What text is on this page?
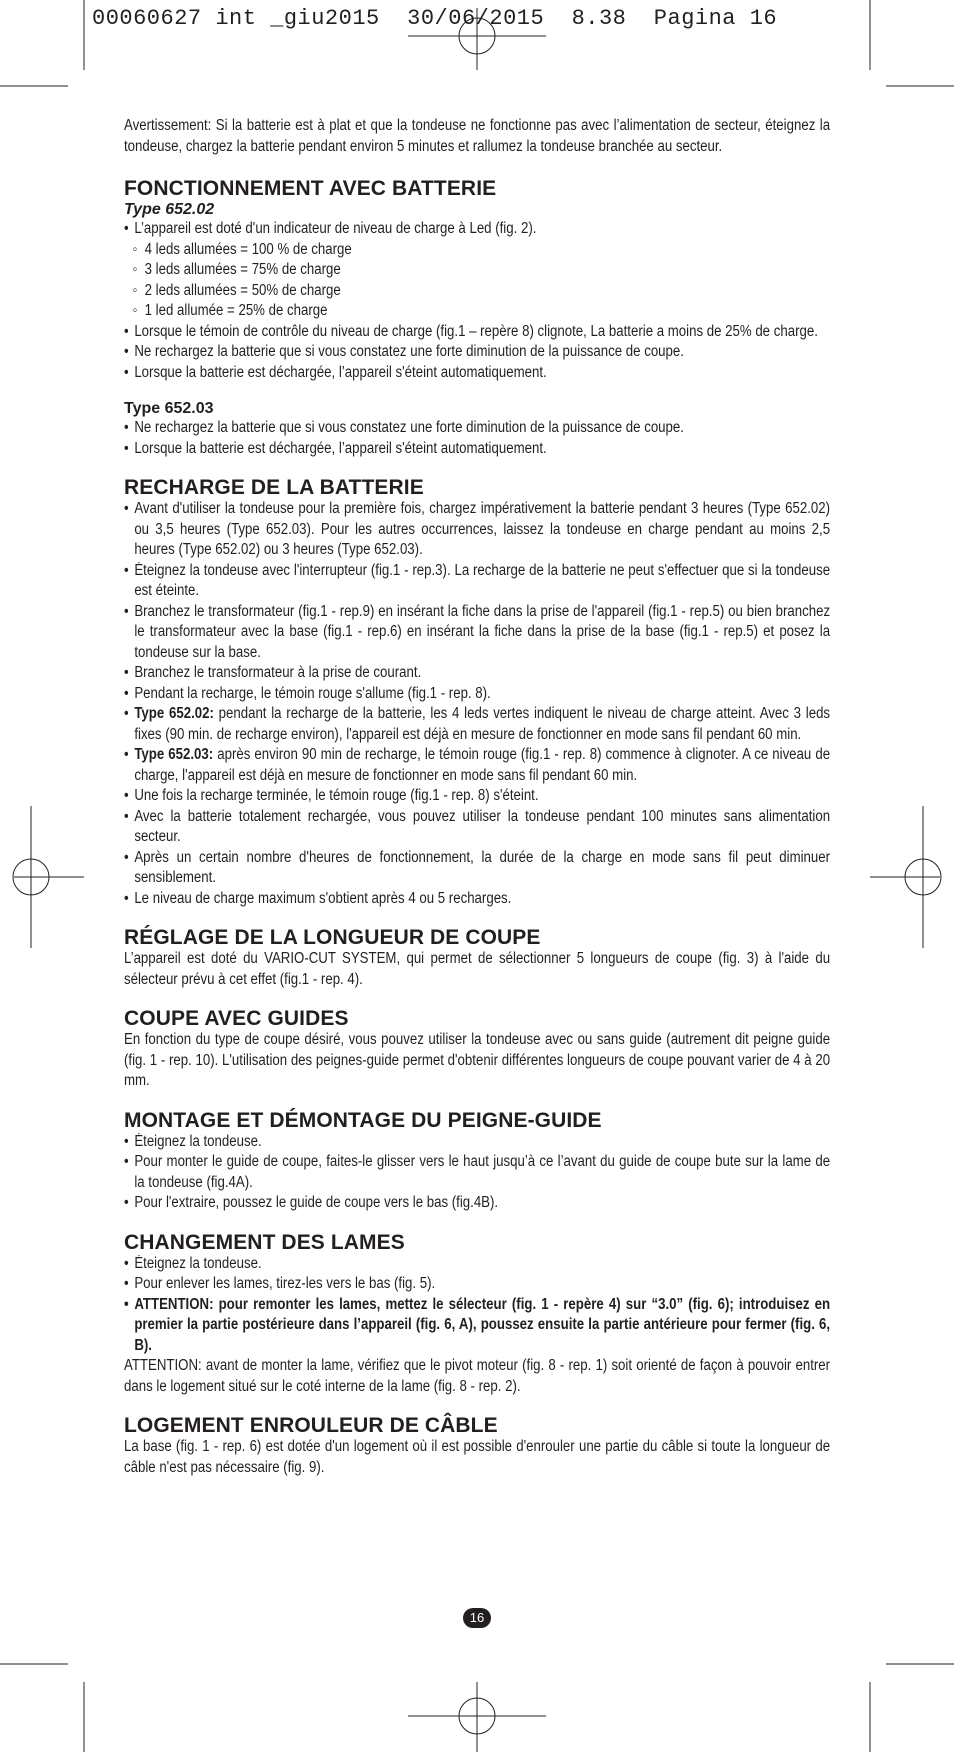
00060627 int _giu2015  30/06/2015  8.38  Pagina 16

Avertissement: Si la batterie est à plat et que la tondeuse ne fonctionne pas avec l’alimentation de secteur, éteignez la tondeuse, chargez la batterie pendant environ 5 minutes et rallumez la tondeuse branchée au secteur.

FONCTIONNEMENT AVEC BATTERIE

Type 652.02

• L’appareil est doté d'un indicateur de niveau de charge à Led (fig. 2).
◦ 4 leds allumées = 100 % de charge
◦ 3 leds allumées = 75% de charge
◦ 2 leds allumées = 50% de charge
◦ 1 led allumée = 25% de charge
• Lorsque le témoin de contrôle du niveau de charge (fig.1 – repère 8) clignote, La batterie a moins de 25% de charge.
• Ne rechargez la batterie que si vous constatez une forte diminution de la puissance de coupe.
• Lorsque la batterie est déchargée, l’appareil s'éteint automatiquement.

Type 652.03

• Ne rechargez la batterie que si vous constatez une forte diminution de la puissance de coupe.
• Lorsque la batterie est déchargée, l’appareil s'éteint automatiquement.
RECHARGE DE LA BATTERIE
• Avant d'utiliser la tondeuse pour la première fois, chargez impérativement la batterie pendant 3 heures (Type 652.02) ou 3,5 heures (Type 652.03). Pour les autres occurrences, laissez la tondeuse en charge pendant au moins 2,5 heures (Type 652.02) ou 3 heures (Type 652.03).
• Éteignez la tondeuse avec l'interrupteur (fig.1 - rep.3). La recharge de la batterie ne peut s'effectuer que si la tondeuse est éteinte.
• Branchez le transformateur (fig.1 - rep.9) en insérant la fiche dans la prise de l'appareil (fig.1 - rep.5) ou bien branchez le transformateur avec la base (fig.1 - rep.6) en insérant la fiche dans la prise de la base (fig.1 - rep.5) et posez la tondeuse sur la base.
• Branchez le transformateur à la prise de courant.
• Pendant la recharge, le témoin rouge s'allume (fig.1 - rep. 8).
• Type 652.02: pendant la recharge de la batterie, les 4 leds vertes indiquent le niveau de charge atteint. Avec 3 leds fixes (90 min. de recharge environ), l'appareil est déjà en mesure de fonctionner en mode sans fil pendant 60 min.
• Type 652.03: après environ 90 min de recharge, le témoin rouge (fig.1 - rep. 8) commence à clignoter. A ce niveau de charge, l'appareil est déjà en mesure de fonctionner en mode sans fil pendant 60 min.
• Une fois la recharge terminée, le témoin rouge (fig.1 - rep. 8) s'éteint.
• Avec la batterie totalement rechargée, vous pouvez utiliser la tondeuse pendant 100 minutes sans alimentation secteur.
• Après un certain nombre d'heures de fonctionnement, la durée de la charge en mode sans fil peut diminuer sensiblement.
• Le niveau de charge maximum s'obtient après 4 ou 5 recharges.
RÉGLAGE DE LA LONGUEUR DE COUPE

L’appareil est doté du VARIO-CUT SYSTEM, qui permet de sélectionner 5 longueurs de coupe (fig. 3) à l'aide du sélecteur prévu à cet effet (fig.1 - rep. 4).

COUPE AVEC GUIDES

En fonction du type de coupe désiré, vous pouvez utiliser la tondeuse avec ou sans guide (autrement dit peigne guide (fig. 1 - rep. 10). L'utilisation des peignes-guide permet d'obtenir différentes longueurs de coupe pouvant varier de 4 à 20 mm.

MONTAGE ET DÉMONTAGE DU PEIGNE-GUIDE
• Éteignez la tondeuse.
• Pour monter le guide de coupe, faites-le glisser vers le haut jusqu’à ce l’avant du guide de coupe bute sur la lame de la tondeuse (fig.4A).
• Pour l'extraire, poussez le guide de coupe vers le bas (fig.4B).
CHANGEMENT DES LAMES
• Éteignez la tondeuse.
• Pour enlever les lames, tirez-les vers le bas (fig. 5).
• ATTENTION: pour remonter les lames, mettez le sélecteur (fig. 1 - repère 4) sur “3.0” (fig. 6); introduisez en premier la partie postérieure dans l’appareil (fig. 6, A), poussez ensuite la partie antérieure pour fermer (fig. 6, B).

ATTENTION: avant de monter la lame, vérifiez que le pivot moteur (fig. 8 - rep. 1) soit orienté de façon à pouvoir entrer dans le logement situé sur le coté interne de la lame (fig. 8 - rep. 2).

LOGEMENT ENROULEUR DE CÂBLE

La base (fig. 1 - rep. 6) est dotée d'un logement où il est possible d'enrouler une partie du câble si toute la longueur de câble n'est pas nécessaire (fig. 9).

16
